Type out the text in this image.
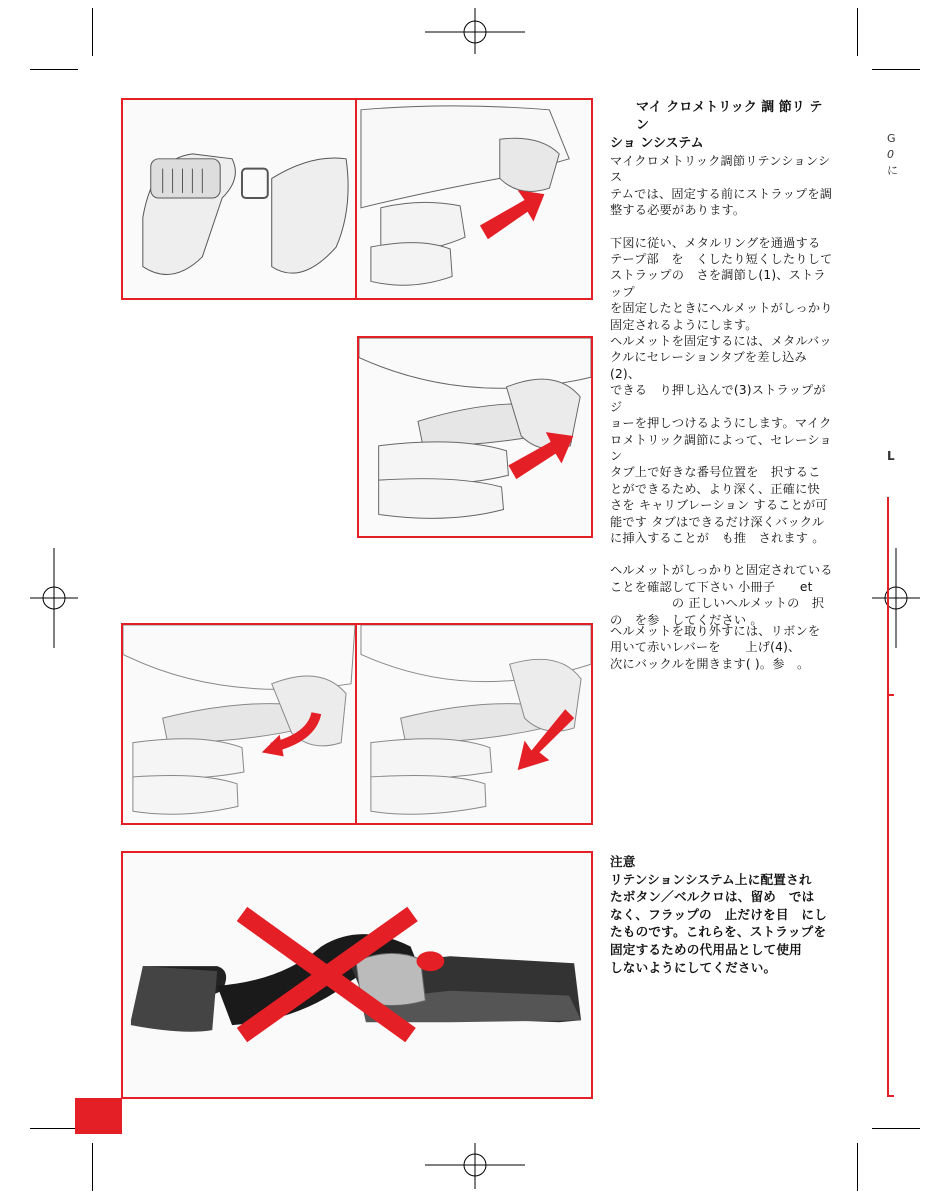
マイ クロメトリック 調 節リ テン
ショ ンシステム

マイクロメトリック調節リテンションシス

テムでは、固定する前にストラップを調

整する必要があります。

下図に従い、メタルリングを通過する

テープ部　を　くしたり短くしたりして

ストラップの　さを調節し(1)、ストラップ

を固定したときにヘルメットがしっかり

固定されるようにします。

ヘルメットを固定するには、メタルバッ

クルにセレーションタブを差し込み(2)、

できる　り押し込んで(3)ストラップがジ

ョーを押しつけるようにします。マイク

ロメトリック調節によって、セレーション

タブ上で好きな番号位置を　択するこ

とができるため、より深く、正確に快

さを キャリブレーション することが可

能です タブはできるだけ深くバックル

に挿入することが　も推　されます 。

ヘルメットがしっかりと固定されている

ことを確認して下さい 小冊子　　et

　　　　　の 正しいヘルメットの　択

の　を参　してください 。

ヘルメットを取り外すには、リボンを

用いて赤いレバーを　　上げ(4)、

次にバックルを開きます( )。参　。

注意

リテンションシステム上に配置され

たボタン／ベルクロは、留め　では

なく、フラップの　止だけを目　にし

たものです。これらを、ストラップを

固定するための代用品として使用

しないようにしてください。

G
0
に
L
